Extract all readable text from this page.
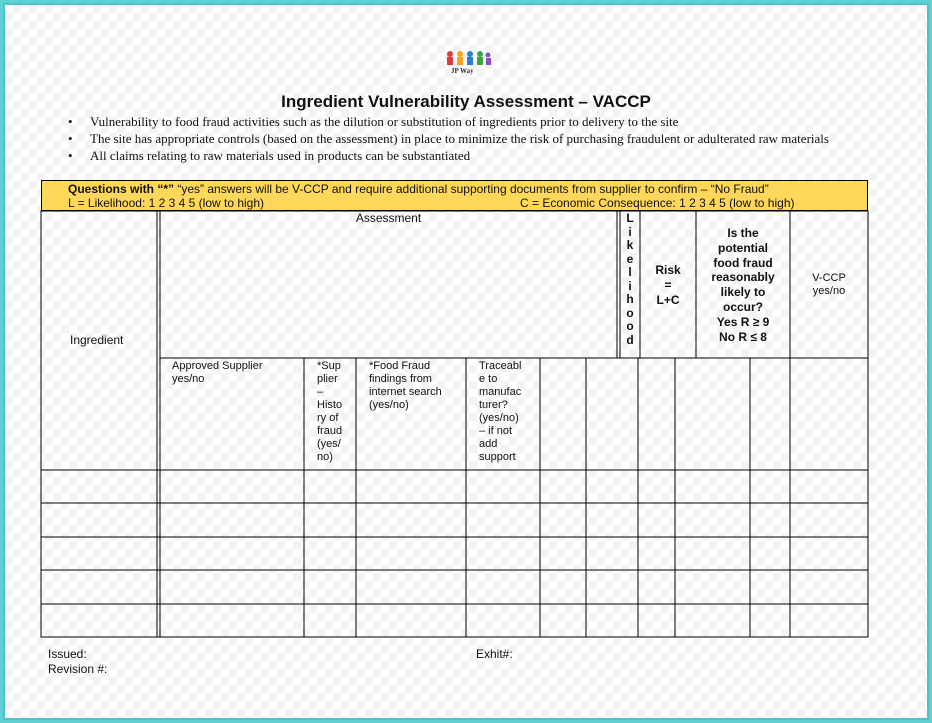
JP Way
Ingredient Vulnerability Assessment – VACCP
• Vulnerability to food fraud activities such as the dilution or substitution of ingredients prior to delivery to the site
• The site has appropriate controls (based on the assessment) in place to minimize the risk of purchasing fraudulent or adulterated raw materials
• All claims relating to raw materials used in products can be substantiated
Questions with “*” “yes” answers will be V-CCP and require additional supporting documents from supplier to confirm – “No Fraud”
L = Likelihood: 1 2 3 4 5 (low to high)	C = Economic Consequence: 1 2 3 4 5 (low to high)
Ingredient
Assessment	L
i
k
e
l
i
h
o
o
d
Risk
=
L+C
Is the
potential
food fraud
reasonably
likely to
occur?
Yes R ≥ 9
No R ≤ 8
V-CCP
yes/no
Approved Supplier
yes/no
*Sup
plier
–
Histo
ry of
fraud
(yes/
no)
*Food Fraud
findings from
internet search
(yes/no)
Traceabl
e to
manufac
turer?
(yes/no)
– if not
add
support
Issued:
Revision #:
Exhit#:
